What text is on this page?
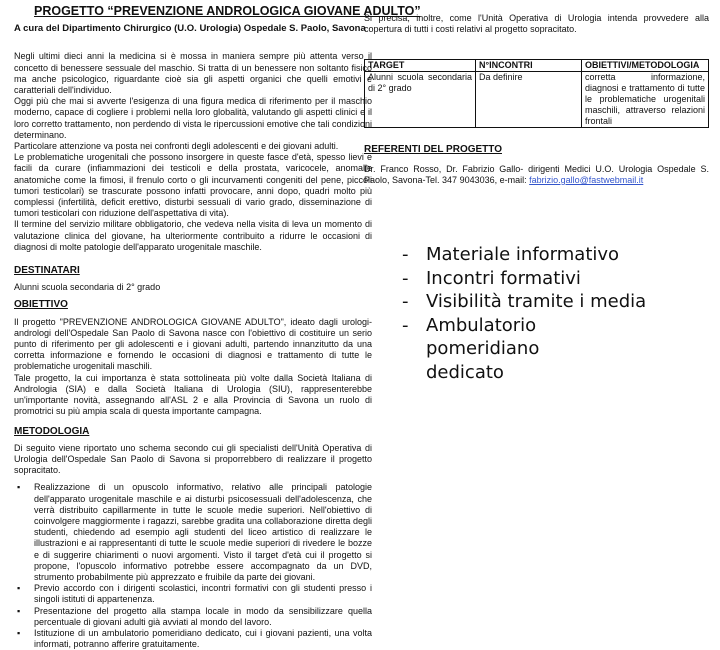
PROGETTO “PREVENZIONE ANDROLOGICA GIOVANE ADULTO”
A cura del Dipartimento Chirurgico (U.O. Urologia) Ospedale S. Paolo, Savona

Negli ultimi dieci anni la medicina si è mossa in maniera sempre più attenta verso il concetto di benessere sessuale del maschio. Si tratta di un benessere non soltanto fisico ma anche psicologico, riguardante cioè sia gli aspetti organici che quelli emotivi e caratteriali dell'individuo.

Oggi più che mai si avverte l'esigenza di una figura medica di riferimento per il maschio moderno, capace di cogliere i problemi nella loro globalità, valutando gli aspetti clinici e il loro corretto trattamento, non perdendo di vista le ripercussioni emotive che tali condizioni determinano.

Particolare attenzione va posta nei confronti degli adolescenti e dei giovani adulti.

Le problematiche urogenitali che possono insorgere in queste fasce d'età, spesso lievi e facili da curare (infiammazioni dei testicoli e della prostata, varicocele, anomalie anatomiche come la fimosi, il frenulo corto o gli incurvamenti congeniti del pene, piccoli tumori testicolari) se trascurate possono infatti provocare, anni dopo, quadri molto più complessi (infertilità, deficit erettivo, disturbi sessuali di vario grado, disseminazione di tumori testicolari con riduzione dell'aspettativa di vita).

Il termine del servizio militare obbligatorio, che vedeva nella visita di leva un momento di valutazione clinica del giovane, ha ulteriormente contribuito a ridurre le occasioni di diagnosi di molte patologie dell'apparato urogenitale maschile.

DESTINATARI

Alunni scuola secondaria di 2° grado

OBIETTIVO

Il progetto "PREVENZIONE ANDROLOGICA GIOVANE ADULTO", ideato dagli urologi-andrologi dell'Ospedale San Paolo di Savona nasce con l'obiettivo di costituire un serio punto di riferimento per gli adolescenti e i giovani adulti, partendo innanzitutto da una corretta informazione e fornendo le occasioni di diagnosi e trattamento di tutte le problematiche urogenitali maschili.

Tale progetto, la cui importanza è stata sottolineata più volte dalla Società Italiana di Andrologia (SIA) e dalla Società Italiana di Urologia (SIU), rappresenterebbe un'importante novità, assegnando all'ASL 2 e alla Provincia di Savona un ruolo di promotrici su più ampia scala di questa importante campagna.

METODOLOGIA

Di seguito viene riportato uno schema secondo cui gli specialisti dell'Unità Operativa di Urologia dell'Ospedale San Paolo di Savona si proporrebbero di realizzare il progetto sopracitato.

▪ Realizzazione di un opuscolo informativo, relativo alle principali patologie dell'apparato urogenitale maschile e ai disturbi psicosessuali dell'adolescenza, che verrà distribuito capillarmente in tutte le scuole medie superiori. Nell'obiettivo di coinvolgere maggiormente i ragazzi, sarebbe gradita una collaborazione diretta degli studenti, chiedendo ad esempio agli studenti del liceo artistico di realizzare le illustrazioni e ai rappresentanti di tutte le scuole medie superiori di rivedere le bozze e di suggerire chiarimenti o nuovi argomenti. Visto il target d'età cui il progetto si propone, l'opuscolo informativo potrebbe essere accompagnato da un DVD, strumento probabilmente più apprezzato e fruibile da parte dei giovani.
▪ Previo accordo con i dirigenti scolastici, incontri formativi con gli studenti presso i singoli istituti di appartenenza.
▪ Presentazione del progetto alla stampa locale in modo da sensibilizzare quella percentuale di giovani adulti già avviati al mondo del lavoro.
▪ Istituzione di un ambulatorio pomeridiano dedicato, cui i giovani pazienti, una volta informati, potranno afferire gratuitamente.

Si precisa, inoltre, come l'Unità Operativa di Urologia intenda provvedere alla copertura di tutti i costi relativi al progetto sopracitato.

TARGET	N°INCONTRI	OBIETTIVI/METODOLOGIA
Alunni scuola secondaria di 2° grado	Da definire	corretta informazione, diagnosi e trattamento di tutte le problematiche urogenitali maschili, attraverso relazioni frontali
REFERENTI DEL PROGETTO

Dr. Franco Rosso, Dr. Fabrizio Gallo- dirigenti Medici U.O. Urologia Ospedale S. Paolo, Savona-Tel. 347 9043036, e-mail: fabrizio.gallo@fastwebmail.it

- Materiale informativo
- Incontri formativi
- Visibilità tramite i media
- Ambulatorio pomeridiano dedicato
